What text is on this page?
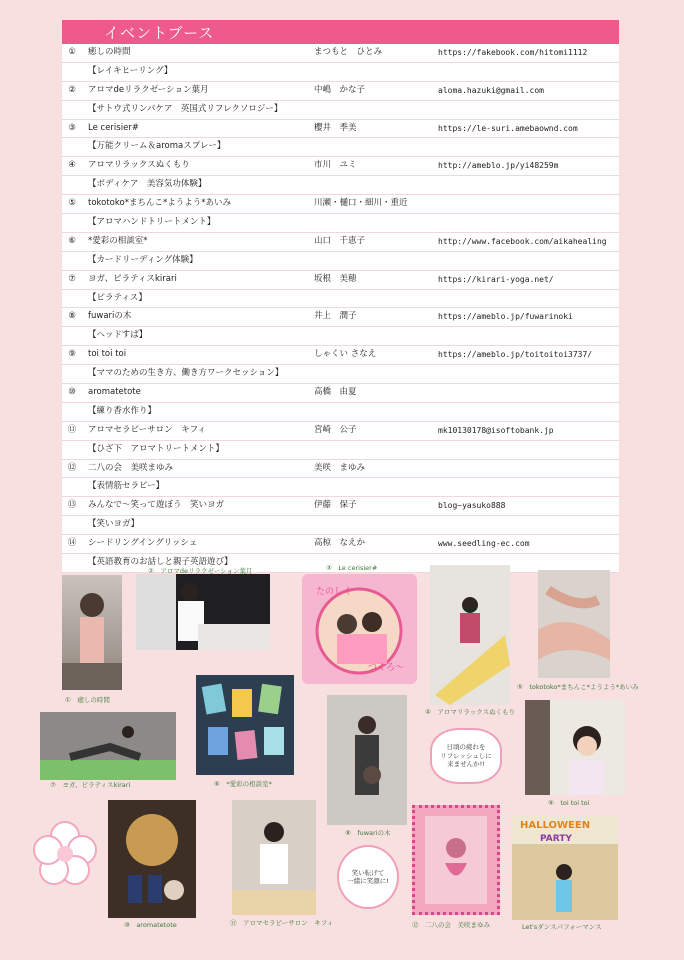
イベントブース
①	癒しの時間	まつもと　ひとみ	https://fakebook.com/hitomi1112
【レイキヒーリング】
②	アロマdeリラクゼーション葉月	中嶋　かな子	aloma.hazuki@gmail.com
【サトウ式リンパケア　英国式リフレクソロジー】
③	Le cerisier#	櫻井　季美	https://le-suri.amebaownd.com
【万能クリーム＆aromaスプレー】
④	アロマリラックスぬくもり	市川　ユミ	http://ameblo.jp/yi48259m
【ボディケア　美容気功体験】
⑤	tokotoko*まちんこ*ようよう*あいみ	川瀬・樋口・細川・重近
【アロマハンドトリートメント】
⑥	*愛彩の相談室*	山口　千恵子	http://www.facebook.com/aikahealing
【カードリーディング体験】
⑦	ヨガ、ピラティスkirari	坂根　美穂	https://kirari-yoga.net/
【ピラティス】
⑧	fuwariの木	井上　潤子	https://ameblo.jp/fuwarinoki
【ヘッドすぱ】
⑨	toi toi toi	しゃくい さなえ	https://ameblo.jp/toitoitoi3737/
【ママのための生き方、働き方ワークセッション】
⑩	aromatetote	高橋　由夏
【練り香水作り】
⑪	アロマセラピーサロン　キフィ	宮崎　公子	mk10130178@isoftobank.jp
【ひざ下　アロマトリートメント】
⑫	二八の会　美咲まゆみ	美咲　まゆみ
【表情筋セラピー】
⑬	みんなで～笑って遊ぼう　笑いヨガ	伊藤　保子	blog~yasuko888
【笑いヨガ】
⑭	シードリングイングリッシュ	高椋　なえか	www.seedling-ec.com
【英語教育のお話しと親子英語遊び】
①　癒しの時間
②　アロマdeリラクゼーション葉月	③　Le cerisier#
たのしく
つくろ〜
④　アロマリラックスぬくもり
⑤　tokotoko*まちんこ*ようよう*あいみ
⑥　*愛彩の相談室*
⑦　ヨガ、ピラティスkirari
⑧　fuwariの木
日頃の疲れを
リフレッシュしに
来ませんか!!
⑨　toi toi toi
⑩　aromatetote	⑪　アロマセラピーサロン　キフィ
笑い転げて
一緒に笑顔に!
⑫　二八の会　美咲まゆみ
HALLOWEEN
PARTY
Let'sダンスパフォーマンス
